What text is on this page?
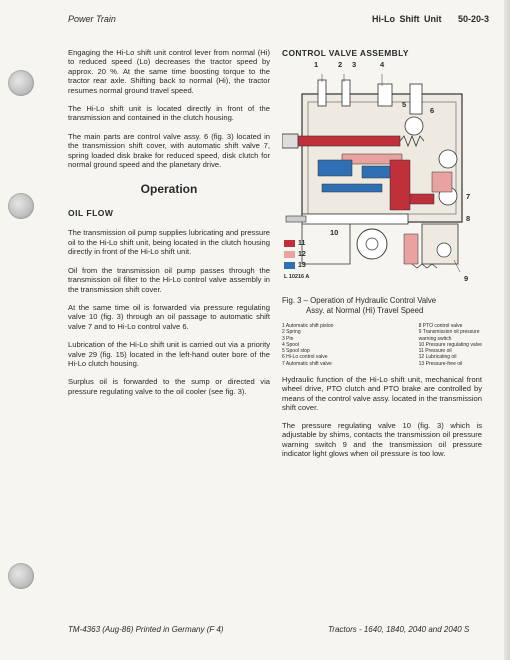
Power Train	Hi-Lo Shift Unit 50-20-3

Engaging the Hi-Lo shift unit control lever from normal (Hi) to reduced speed (Lo) decreases the tractor speed by approx. 20 %. At the same time boosting torque to the tractor rear axle. Shifting back to normal (Hi), the tractor resumes normal ground travel speed.

The Hi-Lo shift unit is located directly in front of the transmission and contained in the clutch housing.

The main parts are control valve assy. 6 (fig. 3) located in the transmission shift cover, with automatic shift valve 7, spring loaded disk brake for reduced speed, disk clutch for normal ground speed and the planetary drive.

Operation
OIL FLOW

The transmission oil pump supplies lubricating and pressure oil to the Hi-Lo shift unit, being located in the clutch housing directly in front of the Hi-Lo shift unit.

Oil from the transmission oil pump passes through the transmission oil filter to the Hi-Lo control valve assembly in the transmission shift cover.

At the same time oil is forwarded via pressure regulating valve 10 (fig. 3) through an oil passage to automatic shift valve 7 and to Hi-Lo control valve 6.

Lubrication of the Hi-Lo shift unit is carried out via a priority valve 29 (fig. 15) located in the left-hand outer bore of the Hi-Lo clutch housing.

Surplus oil is forwarded to the sump or directed via pressure regulating valve to the oil cooler (see fig. 3).

CONTROL VALVE ASSEMBLY
1	2 3	4
5
6
7
8
9
10
11
12
13
L 10216 A
Fig. 3 – Operation of Hydraulic Control Valve
Assy. at Normal (Hi) Travel Speed
1 Automatic shift piston
2 Spring
3 Pin
4 Spool
5 Spool stop
6 Hi-Lo control valve
7 Automatic shift valve
8 PTO control valve
9 Transmission oil pressure
warning switch
10 Pressure regulating valve
11 Pressure oil
12 Lubricating oil
13 Pressure-free oil

Hydraulic function of the Hi-Lo shift unit, mechanical front wheel drive, PTO clutch and PTO brake are controlled by means of the control valve assy. located in the transmission shift cover.

The pressure regulating valve 10 (fig. 3) which is adjustable by shims, contacts the transmission oil pressure warning switch 9 and the transmission oil pressure indicator light glows when oil pressure is too low.

TM-4363 (Aug-86) Printed in Germany (F 4)	Tractors - 1640, 1840, 2040 and 2040 S
